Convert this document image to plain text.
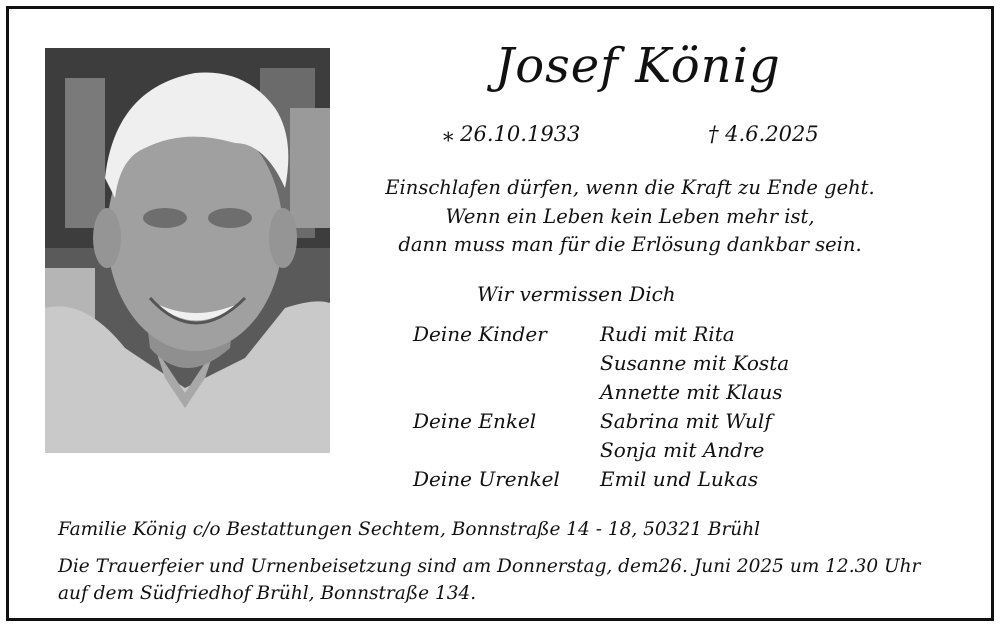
Josef König
⁎ 26.10.1933	† 4.6.2025
Einschlafen dürfen, wenn die Kraft zu Ende geht.
Wenn ein Leben kein Leben mehr ist,
dann muss man für die Erlösung dankbar sein.
Wir vermissen Dich
Deine Kinder	Rudi mit Rita
Susanne mit Kosta
Annette mit Klaus
Deine Enkel	Sabrina mit Wulf
Sonja mit Andre
Deine Urenkel Emil und Lukas
Familie König c/o Bestattungen Sechtem, Bonnstraße 14 - 18, 50321 Brühl
Die Trauerfeier und Urnenbeisetzung sind am Donnerstag, dem26. Juni 2025 um 12.30 Uhr
auf dem Südfriedhof Brühl, Bonnstraße 134.
